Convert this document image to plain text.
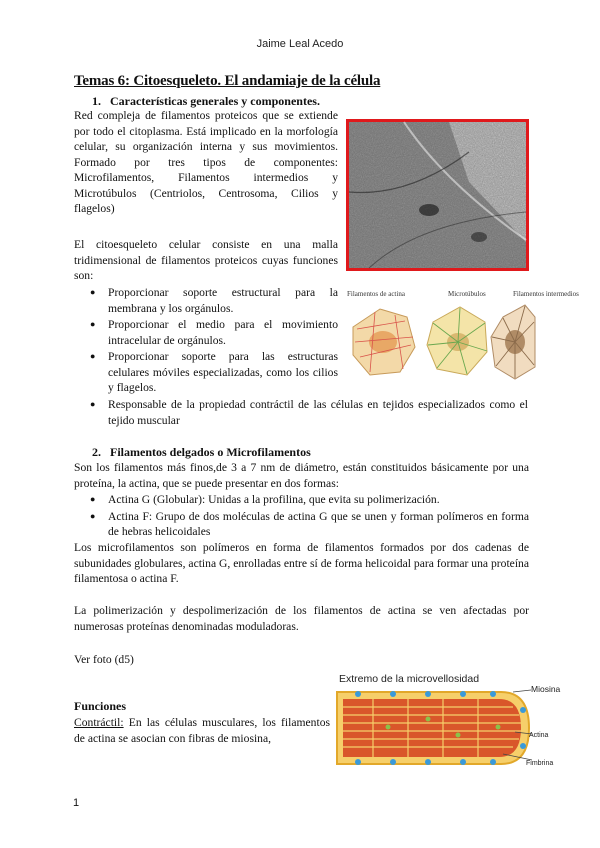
Jaime Leal Acedo
Temas 6: Citoesqueleto. El andamiaje de la célula
1.   Características generales y componentes.
Red compleja de filamentos proteicos que se extiende por todo el citoplasma. Está implicado en la morfología celular, su organización interna y sus movimientos. Formado por tres tipos de componentes: Microfilamentos, Filamentos intermedios y Microtúbulos (Centriolos, Centrosoma, Cilios y flagelos)
El citoesqueleto celular consiste en una malla tridimensional de filamentos proteicos cuyas funciones son:
● Proporcionar soporte estructural para la membrana y los orgánulos.
● Proporcionar el medio para el movimiento intracelular de orgánulos.
● Proporcionar soporte para las estructuras celulares móviles especializadas, como los cilios y flagelos.
● Responsable de la propiedad contráctil de las células en tejidos especializados como el tejido muscular
Filamentos de actina	Microtúbulos	Filamentos intermedios
2.   Filamentos delgados o Microfilamentos
Son los filamentos más finos,de 3 a 7 nm de diámetro, están constituidos básicamente por una proteína, la actina, que se puede presentar en dos formas:
● Actina G (Globular): Unidas a la profilina, que evita su polimerización.
● Actina F: Grupo de dos moléculas de actina G que se unen y forman polímeros en forma de hebras helicoidales
Los microfilamentos son polímeros en forma de filamentos formados por dos cadenas de subunidades globulares, actina G, enrolladas entre sí de forma helicoidal para formar una proteína filamentosa o actina F.
La polimerización y despolimerización de los filamentos de actina se ven afectadas por numerosas proteínas denominadas moduladoras.
Ver foto (d5)
Funciones
Contráctil: En las células musculares, los filamentos de actina se asocian con fibras de miosina,
Extremo de la microvellosidad
Miosina
Actina
Fimbrina
1
